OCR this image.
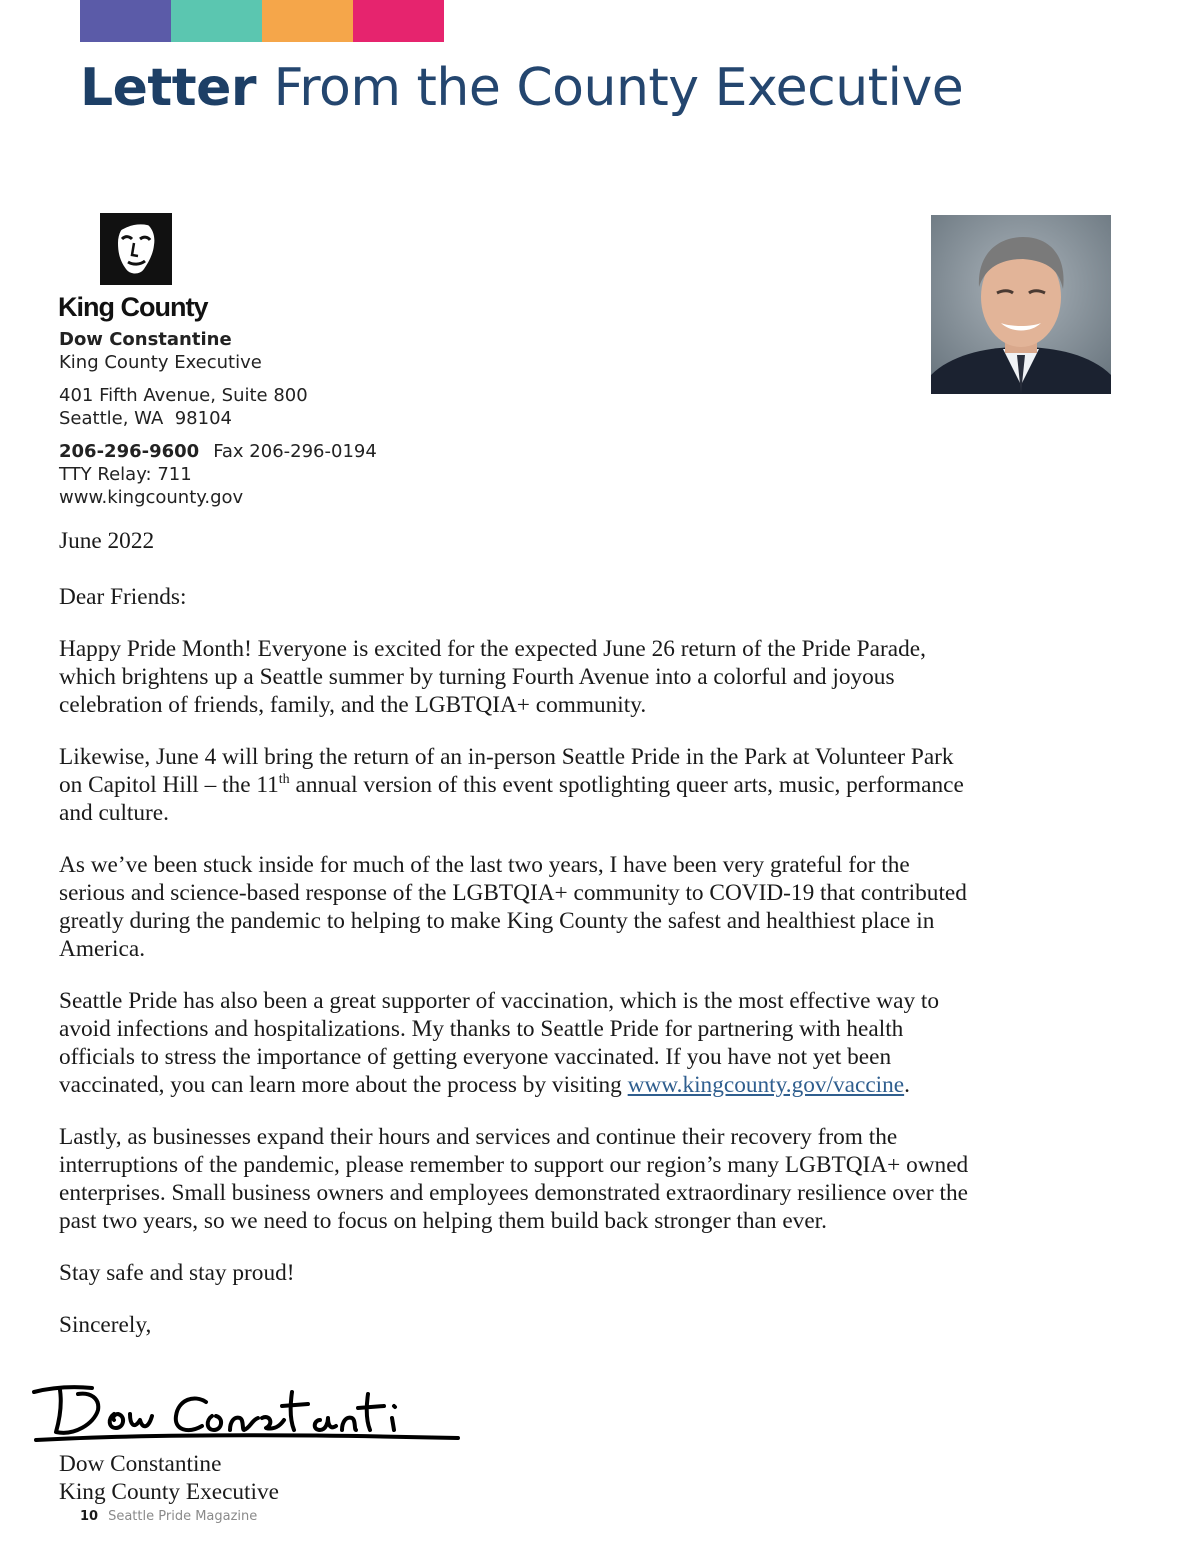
Letter From the County Executive
King County
Dow Constantine
King County Executive
401 Fifth Avenue, Suite 800
Seattle, WA  98104
206-296-9600 Fax 206-296-0194
TTY Relay: 711
www.kingcounty.gov

June 2022

Dear Friends:

Happy Pride Month! Everyone is excited for the expected June 26 return of the Pride Parade, which brightens up a Seattle summer by turning Fourth Avenue into a colorful and joyous celebration of friends, family, and the LGBTQIA+ community.

Likewise, June 4 will bring the return of an in-person Seattle Pride in the Park at Volunteer Park on Capitol Hill – the 11th annual version of this event spotlighting queer arts, music, performance and culture.

As we’ve been stuck inside for much of the last two years, I have been very grateful for the serious and science-based response of the LGBTQIA+ community to COVID-19 that contributed greatly during the pandemic to helping to make King County the safest and healthiest place in America.

Seattle Pride has also been a great supporter of vaccination, which is the most effective way to avoid infections and hospitalizations. My thanks to Seattle Pride for partnering with health officials to stress the importance of getting everyone vaccinated. If you have not yet been vaccinated, you can learn more about the process by visiting www.kingcounty.gov/vaccine.

Lastly, as businesses expand their hours and services and continue their recovery from the interruptions of the pandemic, please remember to support our region’s many LGBTQIA+ owned enterprises. Small business owners and employees demonstrated extraordinary resilience over the past two years, so we need to focus on helping them build back stronger than ever.

Stay safe and stay proud!

Sincerely,

Dow Constantine
King County Executive
10 Seattle Pride Magazine
